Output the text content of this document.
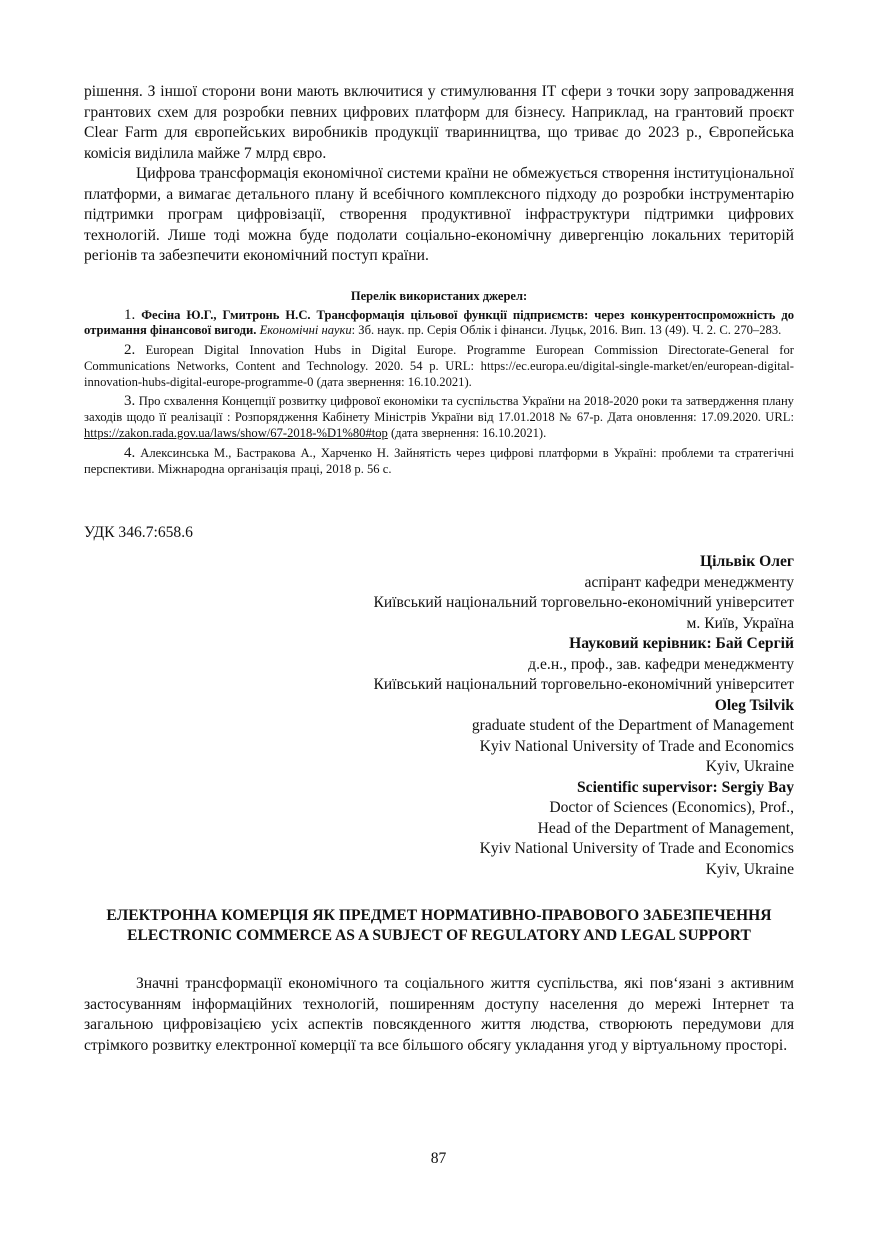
рішення. З іншої сторони вони мають включитися у стимулювання ІТ сфери з точки зору запровадження грантових схем для розробки певних цифрових платформ для бізнесу. Наприклад, на грантовий проєкт Clear Farm для європейських виробників продукції тваринництва, що триває до 2023 р., Європейська комісія виділила майже 7 млрд євро.

Цифрова трансформація економічної системи країни не обмежується створення інституціональної платформи, а вимагає детального плану й всебічного комплексного підходу до розробки інструментарію підтримки програм цифровізації, створення продуктивної інфраструктури підтримки цифрових технологій. Лише тоді можна буде подолати соціально-економічну дивергенцію локальних територій регіонів та забезпечити економічний поступ країни.

Перелік використаних джерел:

1. Фесіна Ю.Г., Гмитронь Н.С. Трансформація цільової функції підприємств: через конкурентоспроможність до отримання фінансової вигоди. Економічні науки: Зб. наук. пр. Серія Облік і фінанси. Луцьк, 2016. Вип. 13 (49). Ч. 2. С. 270–283.

2. European Digital Innovation Hubs in Digital Europe. Programme European Commission Directorate-General for Communications Networks, Content and Technology. 2020. 54 p. URL: https://ec.europa.eu/digital-single-market/en/european-digital-innovation-hubs-digital-europe-programme-0 (дата звернення: 16.10.2021).

3. Про схвалення Концепції розвитку цифрової економіки та суспільства України на 2018-2020 роки та затвердження плану заходів щодо її реалізації : Розпорядження Кабінету Міністрів України від 17.01.2018 № 67-р. Дата оновлення: 17.09.2020. URL: https://zakon.rada.gov.ua/laws/show/67-2018-%D1%80#top (дата звернення: 16.10.2021).

4. Алексинська М., Бастракова А., Харченко Н. Зайнятість через цифрові платформи в Україні: проблеми та стратегічні перспективи. Міжнародна організація праці, 2018 р. 56 с.

УДК 346.7:658.6

Цільвік Олег

аспірант кафедри менеджменту

Київський національний торговельно-економічний університет

м. Київ, Україна

Науковий керівник: Бай Сергій

д.е.н., проф., зав. кафедри менеджменту

Київський національний торговельно-економічний університет

Oleg Tsilvik

graduate student of the Department of Management

Kyiv National University of Trade and Economics

Kyiv, Ukraine

Scientific supervisor: Sergiy Bay

Doctor of Sciences (Economics), Prof.,

Head of the Department of Management,

Kyiv National University of Trade and Economics

Kyiv, Ukraine

ЕЛЕКТРОННА КОМЕРЦІЯ ЯК ПРЕДМЕТ НОРМАТИВНО-ПРАВОВОГО ЗАБЕЗПЕЧЕННЯ
ELECTRONIC COMMERCE AS A SUBJECT OF REGULATORY AND LEGAL SUPPORT

Значні трансформації економічного та соціального життя суспільства, які пов‘язані з активним застосуванням інформаційних технологій, поширенням доступу населення до мережі Інтернет та загальною цифровізацією усіх аспектів повсякденного життя людства, створюють передумови для стрімкого розвитку електронної комерції та все більшого обсягу укладання угод у віртуальному просторі.

87
